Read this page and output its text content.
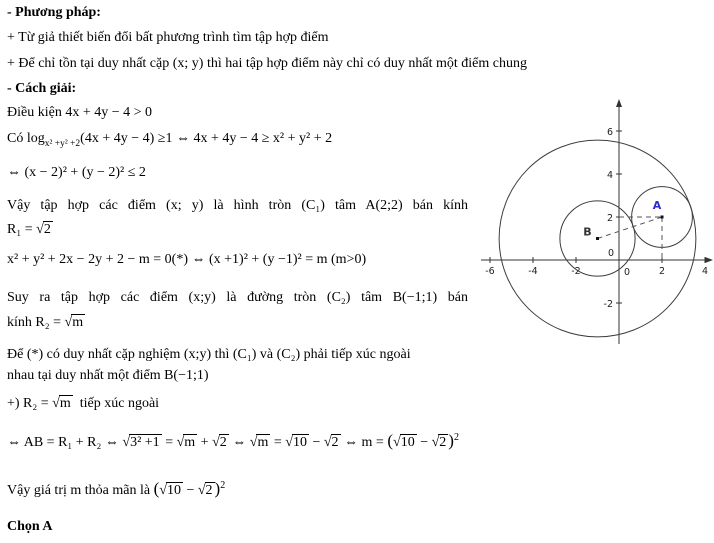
- Phương pháp:
+ Từ giả thiết biến đổi bất phương trình tìm tập hợp điểm
+ Để chỉ tồn tại duy nhất cặp (x; y) thì hai tập hợp điểm này chỉ có duy nhất một điểm chung
- Cách giải:
Điều kiện 4x + 4y − 4 > 0
Có $\log_{x^2 +y^2 +2}(4x + 4y - 4) \ge 1$ ⇔ 4x + 4y − 4 ≥ x² + y² + 2
⇔ (x − 2)² + (y − 2)² ≤ 2
Vậy tập hợp các điểm (x; y) là hình tròn (C₁) tâm A(2;2) bán kính
R₁ = √ 2
x² + y² + 2x − 2y + 2 − m = 0(*) ⇔ (x +1)² + (y −1)² = m (m>0)
Suy ra tập hợp các điểm (x;y) là đường tròn (C₂) tâm B(−1;1) bán
kính R₂ = √ m
Để (*) có duy nhất cặp nghiệm (x;y) thì (C₁) và (C₂) phải tiếp xúc ngoài
nhau tại duy nhất một điểm B(−1;1)
+) R₂ = √ m tiếp xúc ngoài
⇔ AB = R₁ + R₂ ⇔ √ 3² +1 = √ m + √ 2 ⇔ √ m = √ 10 − √ 2 ⇔ m = ( √ 10 − √ 2 )$^2$
Vậy giá trị m thỏa mãn là ( √ 10 − √ 2 )$^2$
Chọn A
-6	-4	-2	0	2	4
-2
0
2
4
6
A
B
